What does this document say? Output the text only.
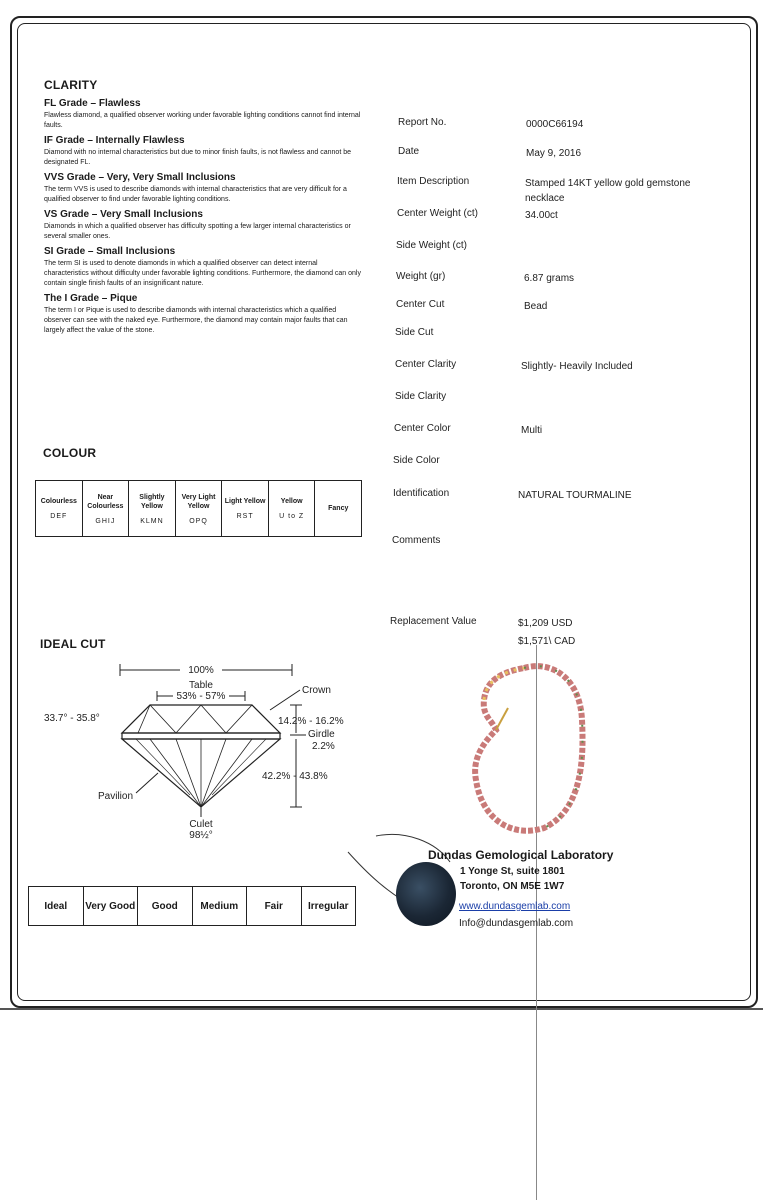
CLARITY
FL Grade – Flawless
Flawless diamond, a qualified observer working under favorable lighting conditions cannot find internal faults.
IF Grade – Internally Flawless
Diamond with no internal characteristics but due to minor finish faults, is not flawless and cannot be designated FL.
VVS Grade – Very, Very Small Inclusions
The term VVS is used to describe diamonds with internal characteristics that are very difficult for a qualified observer to find under favorable lighting conditions.
VS Grade – Very Small Inclusions
Diamonds in which a qualified observer has difficulty spotting a few larger internal characteristics or several smaller ones.
SI Grade – Small Inclusions
The term SI is used to denote diamonds in which a qualified observer can detect internal characteristics without difficulty under favorable lighting conditions. Furthermore, the diamond can only contain single finish faults of an insignificant nature.
The I Grade – Pique
The term I or Pique is used to describe diamonds with internal characteristics which a qualified observer can see with the naked eye. Furthermore, the diamond may contain major faults that can largely affect the value of the stone.
COLOUR
Colourless
DEF
Near Colourless
GHIJ
Slightly Yellow
KLMN
Very Light Yellow
OPQ
Light Yellow
RST
Yellow
U to Z
Fancy
IDEAL CUT
100%
Table
53% - 57%
Crown
33.7° - 35.8°	14.2% - 16.2%
Girdle
2.2%
42.2% - 43.8%
Pavilion
Culet
98½°
Ideal	Very Good	Good	Medium	Fair	Irregular
Report No.	0000C66194
Date	May 9, 2016
Item Description	Stamped 14KT yellow gold gemstone necklace
Center Weight (ct)	34.00ct
Side Weight (ct)
Weight (gr)	6.87 grams
Center Cut	Bead
Side Cut
Center Clarity	Slightly- Heavily Included
Side Clarity
Center Color	Multi
Side Color
Identification	NATURAL TOURMALINE
Comments
Replacement Value	$1,209 USD
$1,571\ CAD
Dundas Gemological Laboratory
1 Yonge St, suite 1801
Toronto, ON M5E 1W7
www.dundasgemlab.com
Info@dundasgemlab.com
